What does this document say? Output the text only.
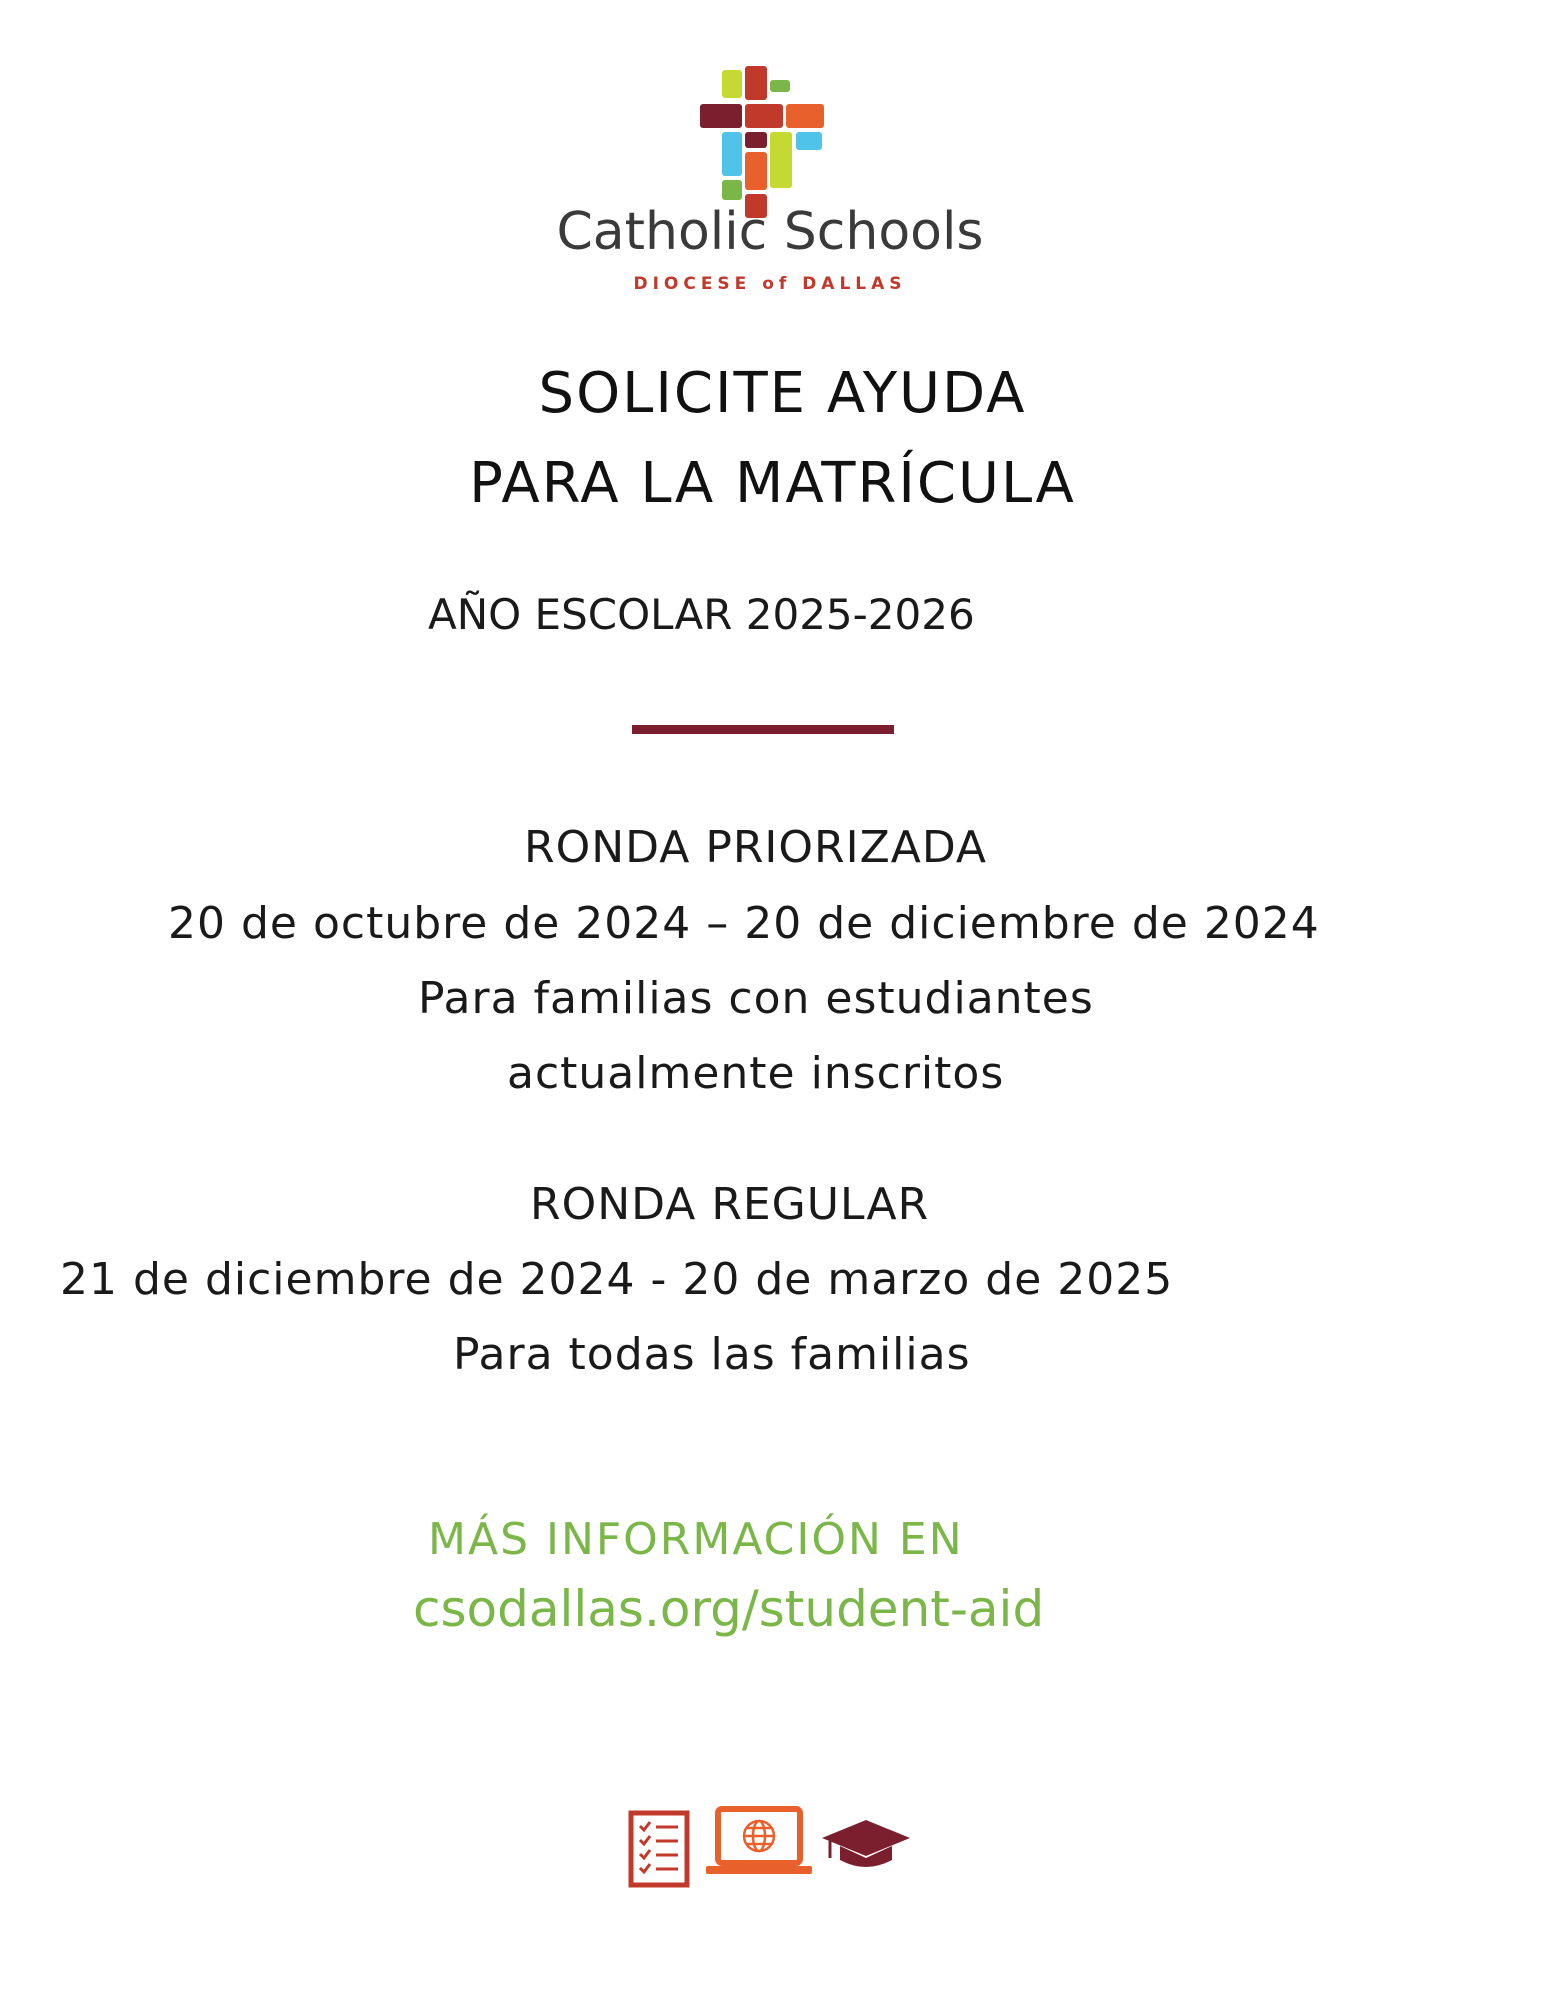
Catholic Schools
DIOCESE of DALLAS
SOLICITE AYUDA
PARA LA MATRÍCULA
AÑO ESCOLAR 2025-2026
RONDA PRIORIZADA
20 de octubre de 2024 – 20 de diciembre de 2024
Para familias con estudiantes
actualmente inscritos
RONDA REGULAR
21 de diciembre de 2024 - 20 de marzo de 2025
Para todas las familias
MÁS INFORMACIÓN EN
csodallas.org/student-aid
